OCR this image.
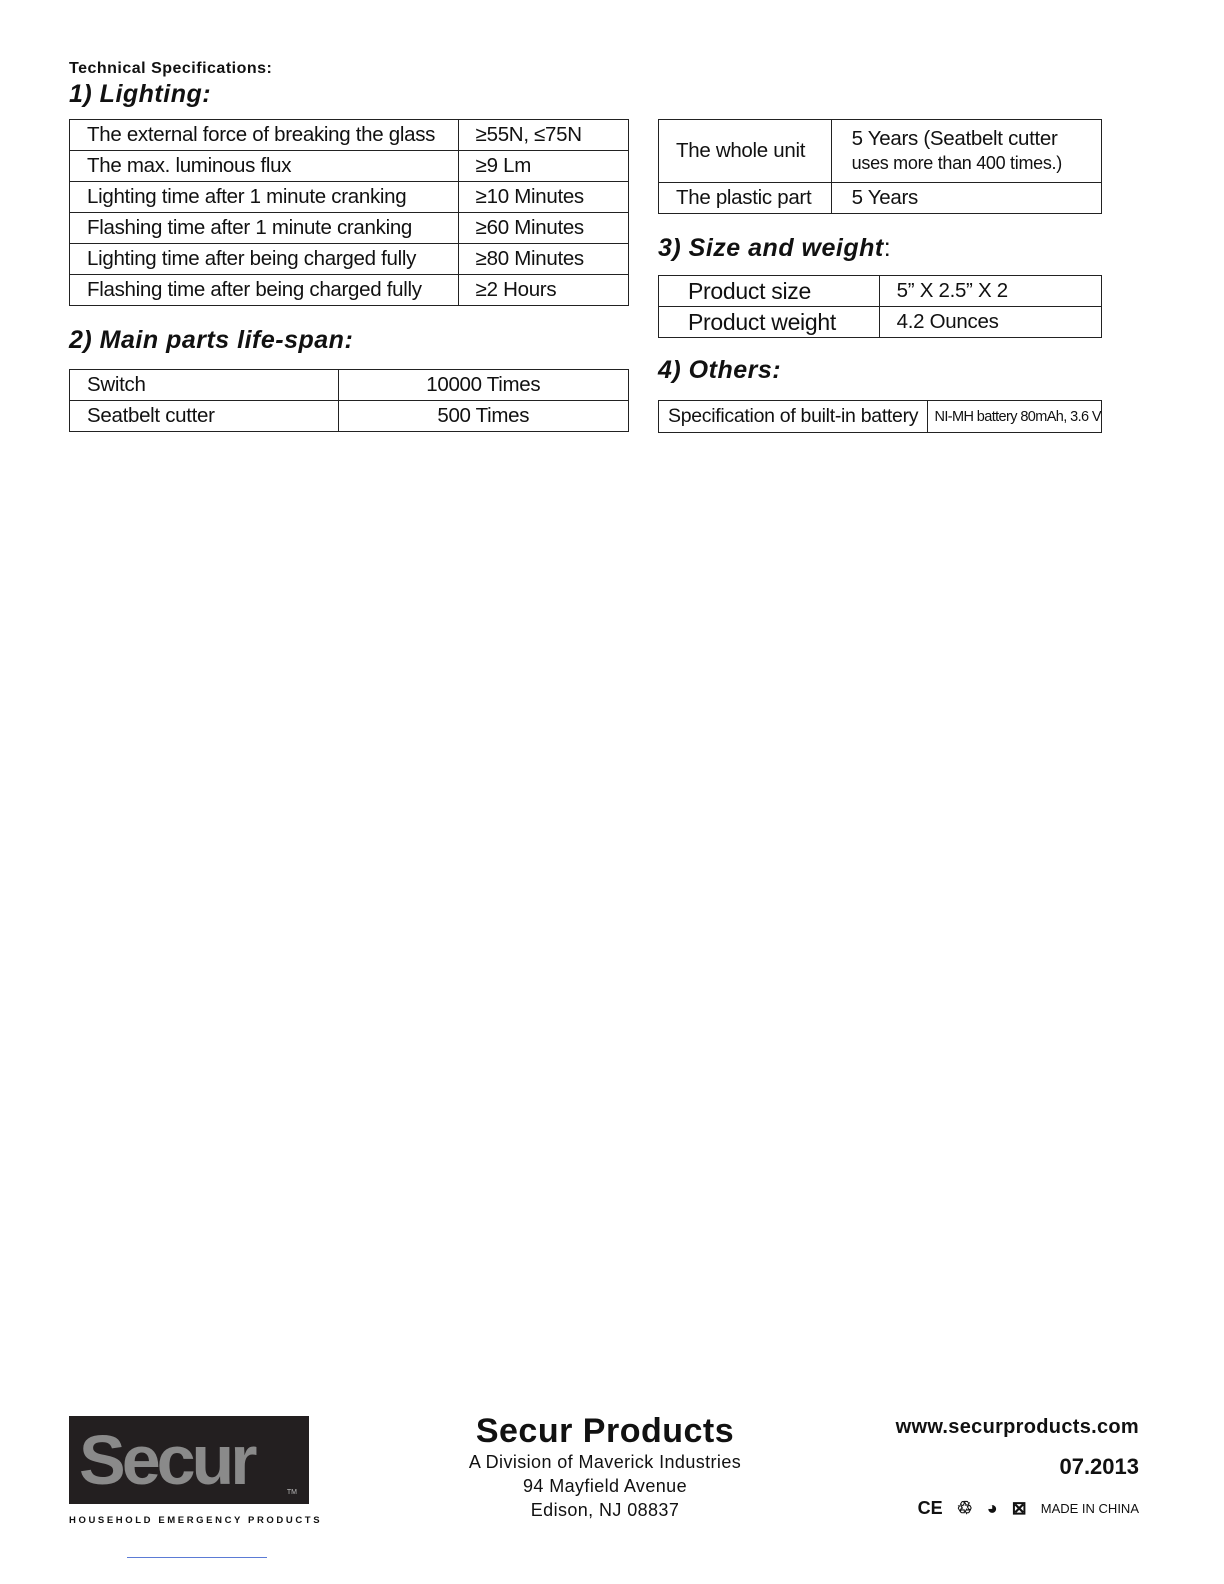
Technical Specifications:
1) Lighting:
The external force of breaking the glass	≥55N, ≤75N
The max. luminous flux	≥9 Lm
Lighting time after 1 minute cranking	≥10 Minutes
Flashing time after 1 minute cranking	≥60 Minutes
Lighting time after being charged fully	≥80 Minutes
Flashing time after being charged fully	≥2 Hours
2) Main parts life-span:
Switch	10000 Times
Seatbelt cutter	500 Times
The whole unit	5 Years (Seatbelt cutter
uses more than 400 times.)

The plastic part	5 Years
3) Size and weight:
Product size	5” X 2.5” X 2
Product weight	4.2 Ounces
4) Others:
Specification of built-in battery	NI-MH battery 80mAh, 3.6 V
Secur	TM
HOUSEHOLD EMERGENCY PRODUCTS
Secur Products
A Division of Maverick Industries
94 Mayfield Avenue
Edison, NJ 08837
www.securproducts.com
07.2013
CE ♲ ◕ ⊠ MADE IN CHINA
